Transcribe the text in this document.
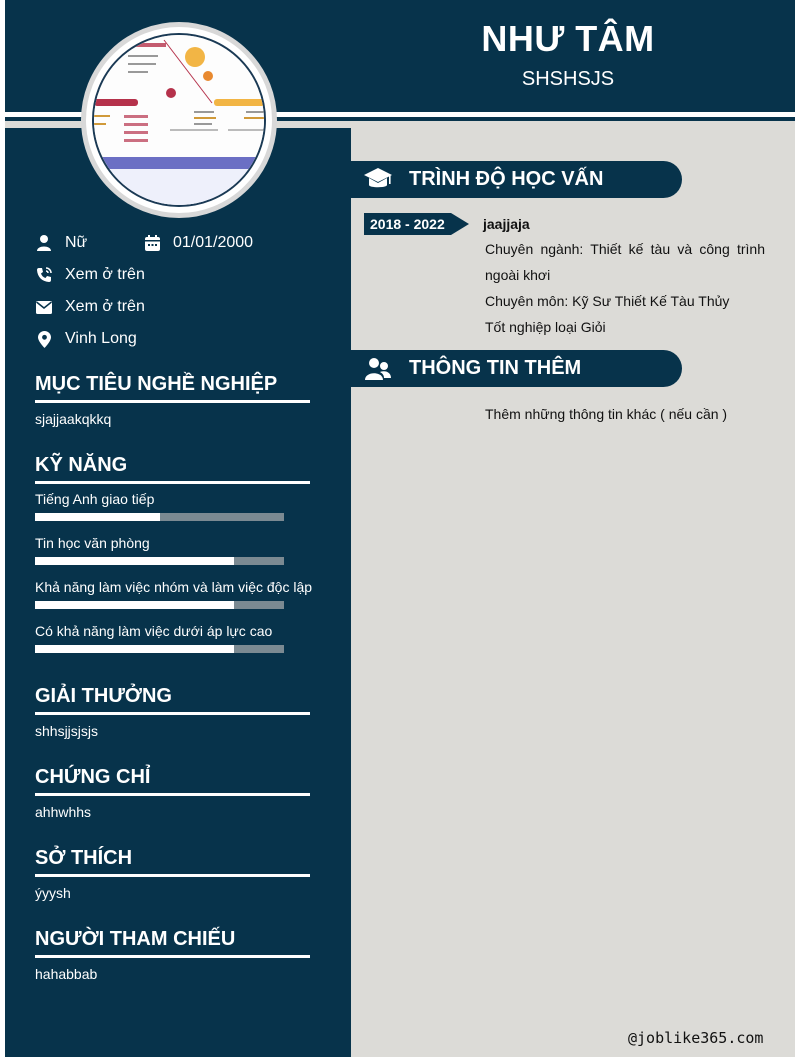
NHƯ TÂM
SHSHSJS
Nữ	01/01/2000
Xem ở trên
Xem ở trên
Vinh Long
MỤC TIÊU NGHỀ NGHIỆP
sjajjaakqkkq
KỸ NĂNG
Tiếng Anh giao tiếp
Tin học văn phòng
Khả năng làm việc nhóm và làm việc độc lập
Có khả năng làm việc dưới áp lực cao
GIẢI THƯỞNG
shhsjjsjsjs
CHỨNG CHỈ
ahhwhhs
SỞ THÍCH
ýyysh
NGƯỜI THAM CHIẾU
hahabbab
TRÌNH ĐỘ HỌC VẤN
2018 - 2022	jaajjaja
Chuyên ngành: Thiết kế tàu và công trình ngoài khơi
Chuyên môn: Kỹ Sư Thiết Kế Tàu Thủy
Tốt nghiệp loại Giỏi
THÔNG TIN THÊM
Thêm những thông tin khác ( nếu cần )
@joblike365.com
